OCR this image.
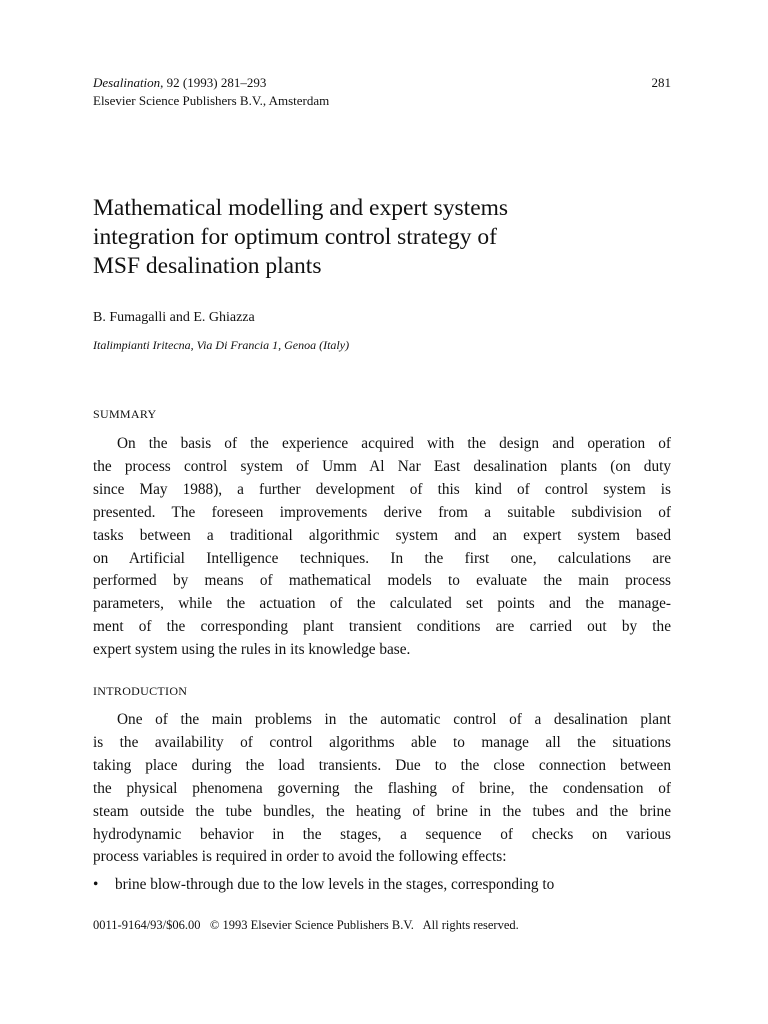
Desalination, 92 (1993) 281–293
Elsevier Science Publishers B.V., Amsterdam
281
Mathematical modelling and expert systems
integration for optimum control strategy of
MSF desalination plants
B. Fumagalli and E. Ghiazza
Italimpianti Iritecna, Via Di Francia 1, Genoa (Italy)
SUMMARY

On the basis of the experience acquired with the design and operation of
the process control system of Umm Al Nar East desalination plants (on duty
since May 1988), a further development of this kind of control system is
presented. The foreseen improvements derive from a suitable subdivision of
tasks between a traditional algorithmic system and an expert system based
on Artificial Intelligence techniques. In the first one, calculations are
performed by means of mathematical models to evaluate the main process
parameters, while the actuation of the calculated set points and the manage-
ment of the corresponding plant transient conditions are carried out by the
expert system using the rules in its knowledge base.

INTRODUCTION

One of the main problems in the automatic control of a desalination plant
is the availability of control algorithms able to manage all the situations
taking place during the load transients. Due to the close connection between
the physical phenomena governing the flashing of brine, the condensation of
steam outside the tube bundles, the heating of brine in the tubes and the brine
hydrodynamic behavior in the stages, a sequence of checks on various
process variables is required in order to avoid the following effects:

• brine blow-through due to the low levels in the stages, corresponding to
0011-9164/93/$06.00   © 1993 Elsevier Science Publishers B.V.   All rights reserved.
